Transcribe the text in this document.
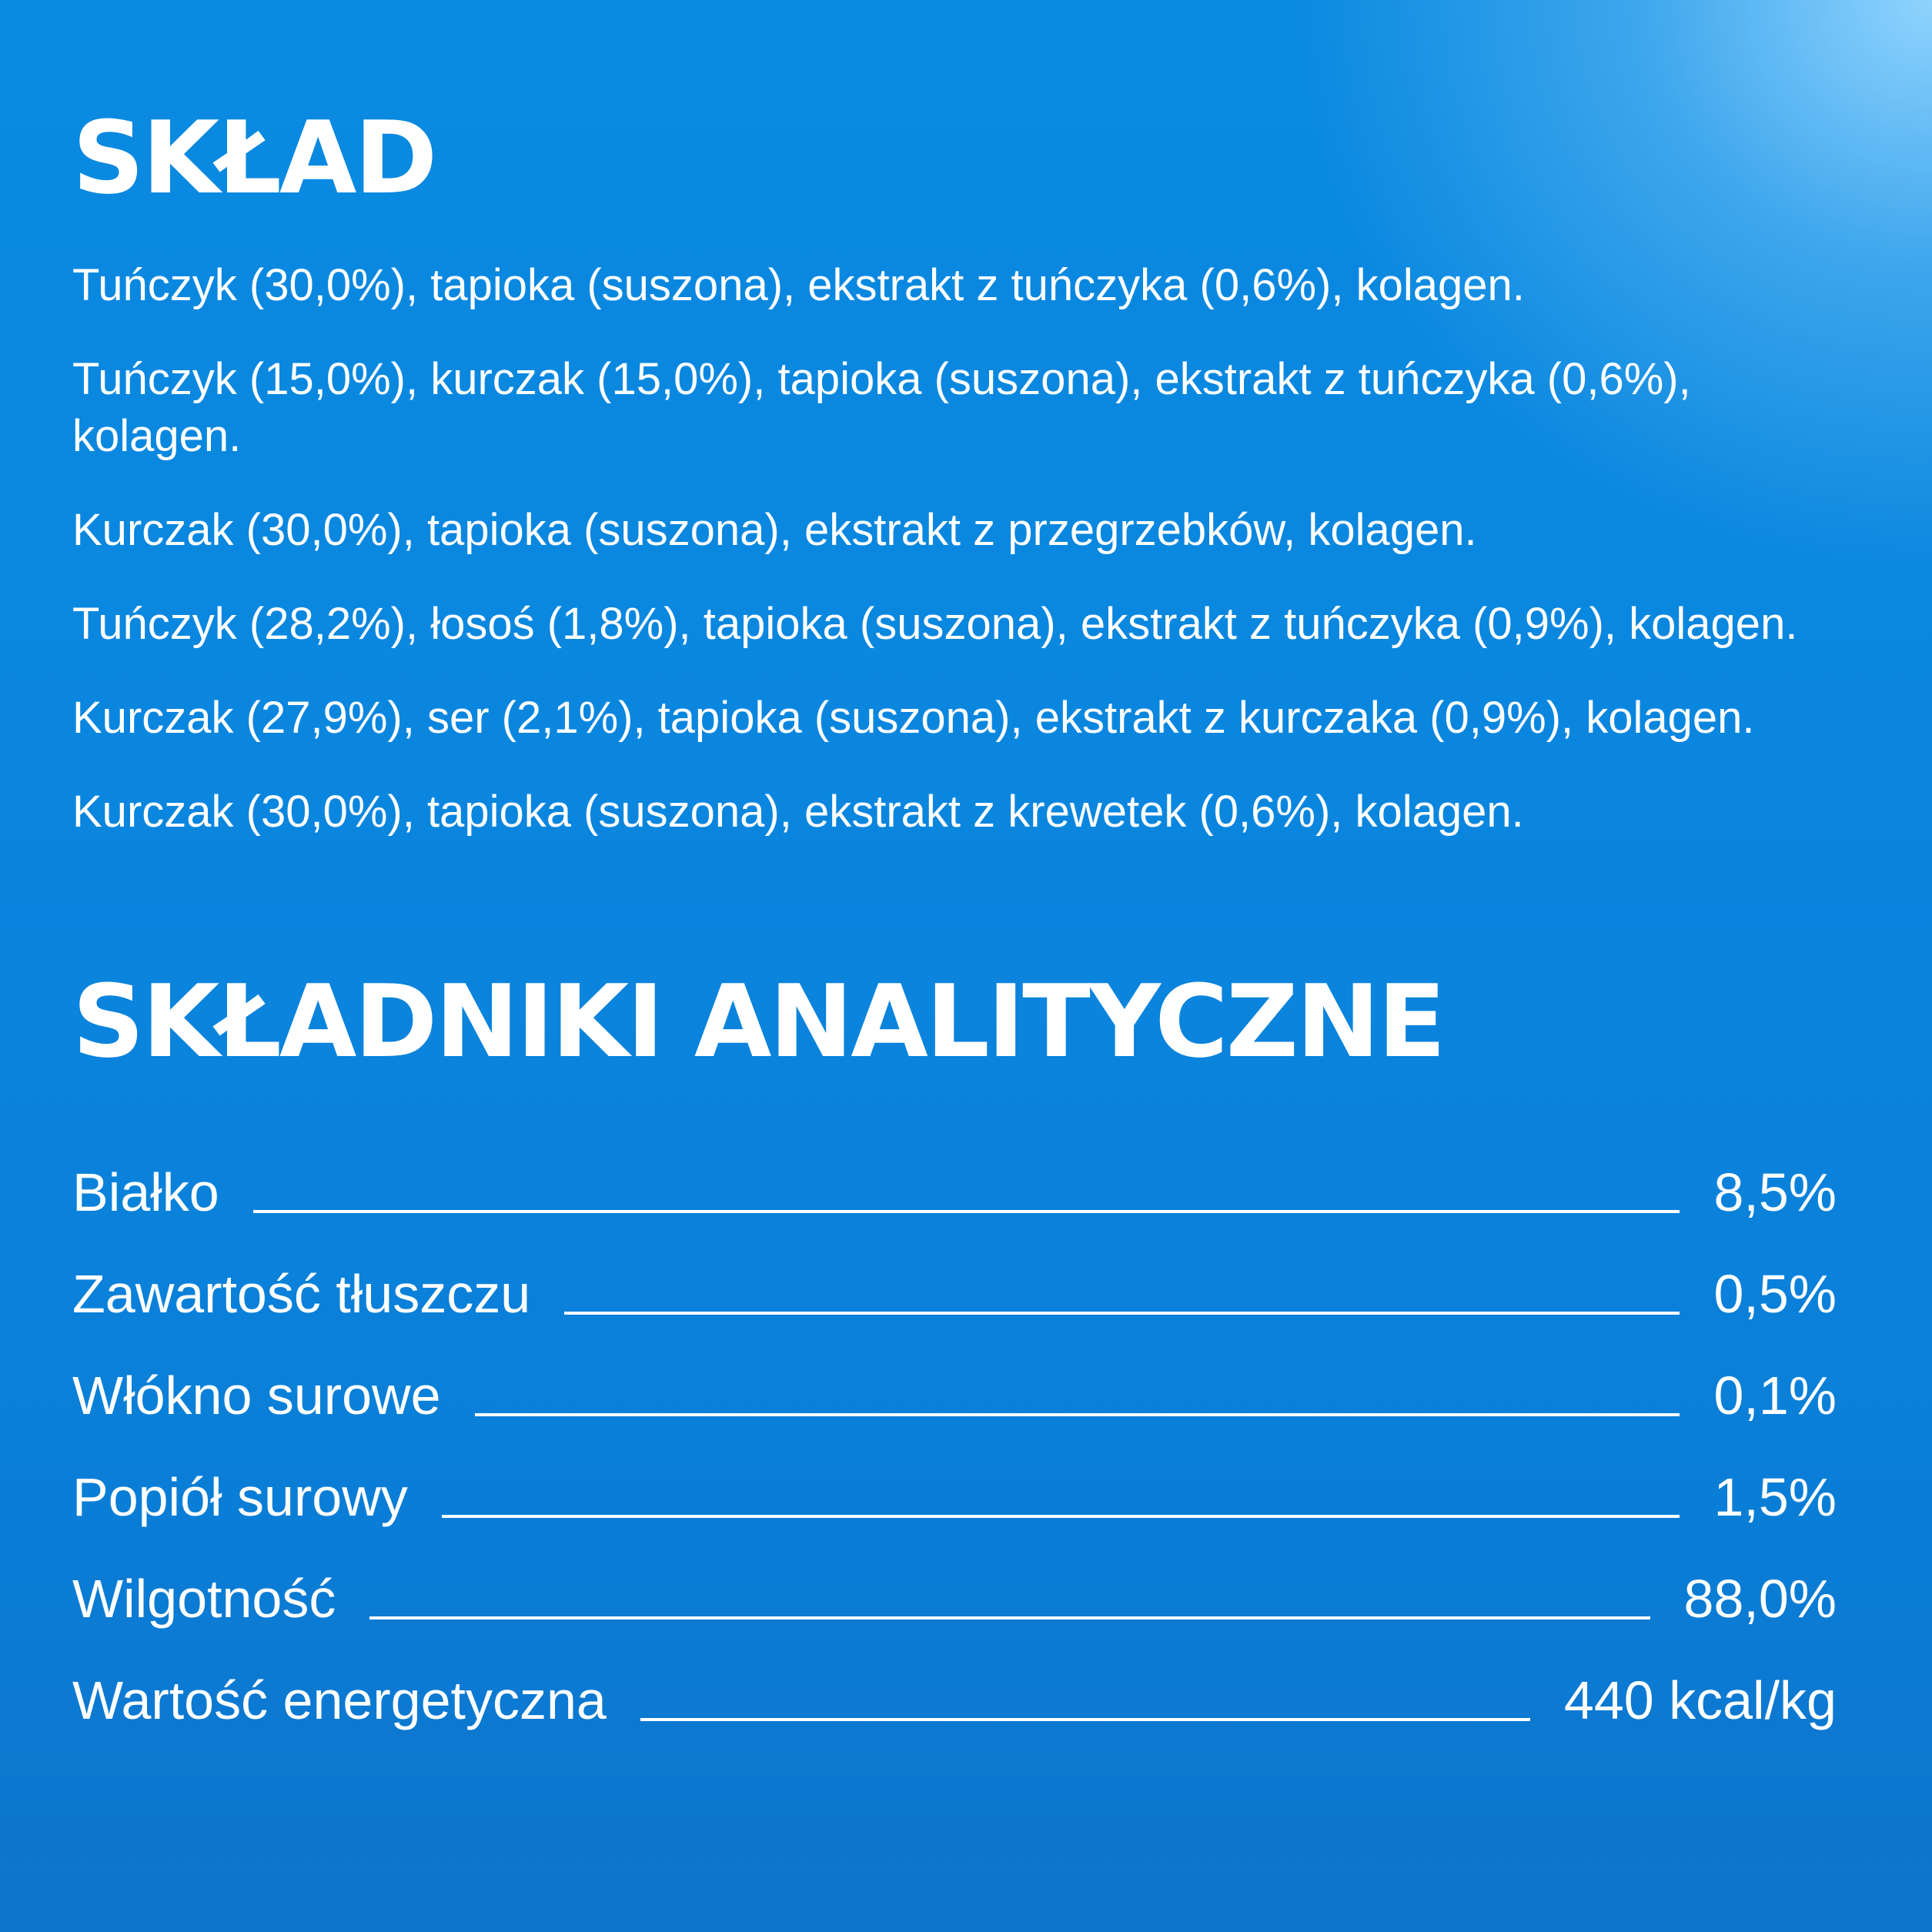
SKŁAD
Tuńczyk (30,0%), tapioka (suszona), ekstrakt z tuńczyka (0,6%), kolagen.
Tuńczyk (15,0%), kurczak (15,0%), tapioka (suszona), ekstrakt z tuńczyka (0,6%), kolagen.
Kurczak (30,0%), tapioka (suszona), ekstrakt z przegrzebków, kolagen.
Tuńczyk (28,2%), łosoś (1,8%), tapioka (suszona), ekstrakt z tuńczyka (0,9%), kolagen.
Kurczak (27,9%), ser (2,1%), tapioka (suszona), ekstrakt z kurczaka (0,9%), kolagen.
Kurczak (30,0%), tapioka (suszona), ekstrakt z krewetek (0,6%), kolagen.
SKŁADNIKI ANALITYCZNE
Białko	8,5%
Zawartość tłuszczu	0,5%
Włókno surowe	0,1%
Popiół surowy	1,5%
Wilgotność	88,0%
Wartość energetyczna	440 kcal/kg
